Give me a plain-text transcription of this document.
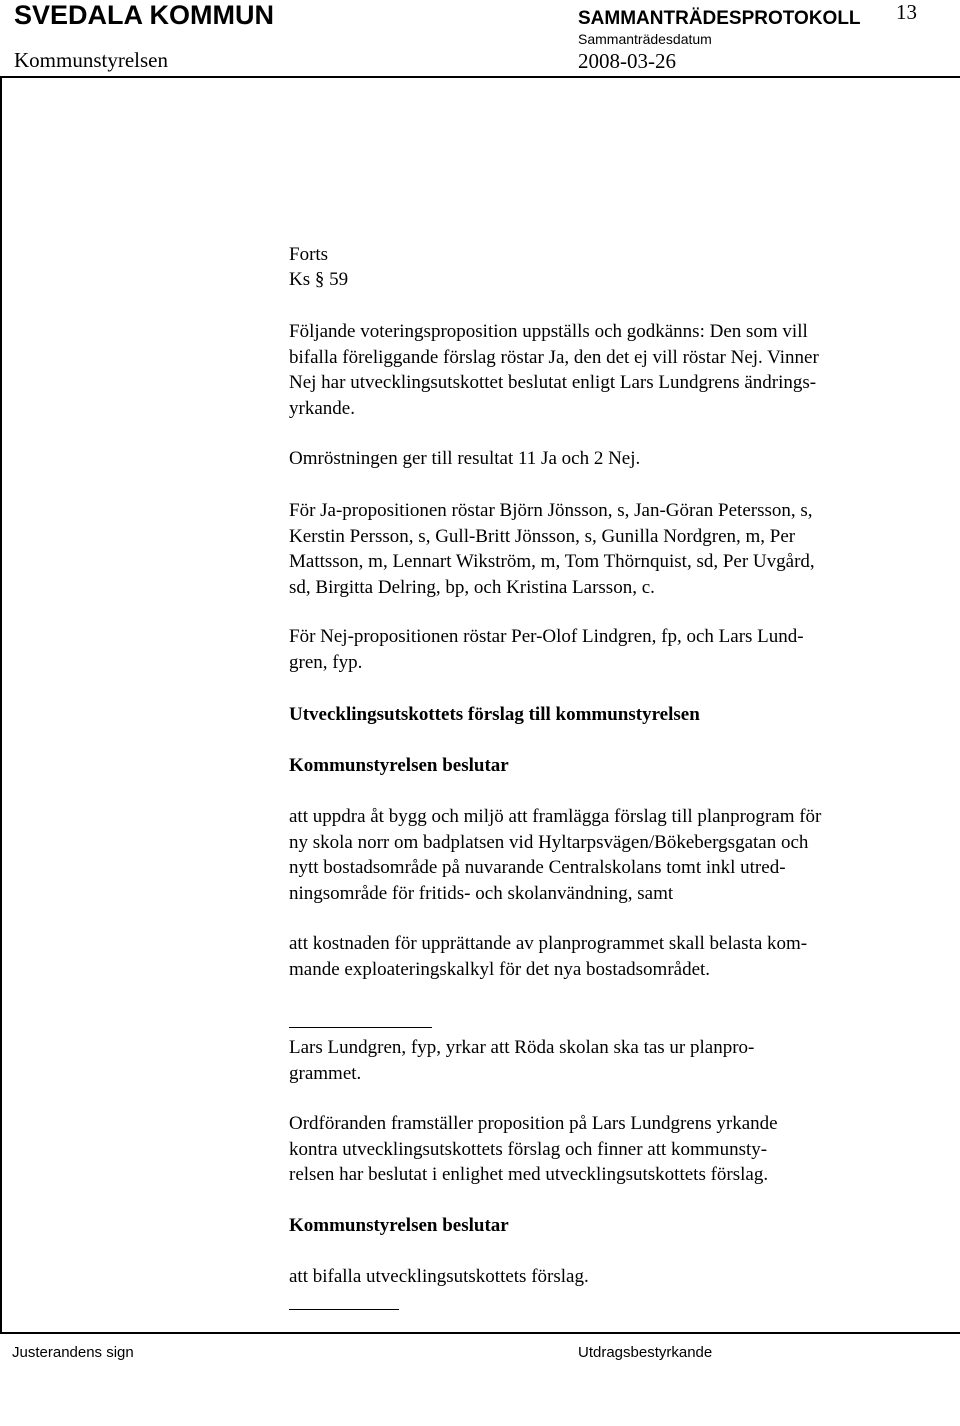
SVEDALA KOMMUN	SAMMANTRÄDESPROTOKOLL 13
Kommunstyrelsen
Sammanträdesdatum
2008-03-26
Forts
Ks § 59
Följande voteringsproposition uppställs och godkänns: Den som vill
bifalla föreliggande förslag röstar Ja, den det ej vill röstar Nej. Vinner
Nej har utvecklingsutskottet beslutat enligt Lars Lundgrens ändrings-
yrkande.
Omröstningen ger till resultat 11 Ja och 2 Nej.
För Ja-propositionen röstar Björn Jönsson, s, Jan-Göran Petersson, s,
Kerstin Persson, s, Gull-Britt Jönsson, s, Gunilla Nordgren, m, Per
Mattsson, m, Lennart Wikström, m, Tom Thörnquist, sd, Per Uvgård,
sd, Birgitta Delring, bp, och Kristina Larsson, c.
För Nej-propositionen röstar Per-Olof Lindgren, fp, och Lars Lund-
gren, fyp.
Utvecklingsutskottets förslag till kommunstyrelsen
Kommunstyrelsen beslutar
att uppdra åt bygg och miljö att framlägga förslag till planprogram för
ny skola norr om badplatsen vid Hyltarpsvägen/Bökebergsgatan och
nytt bostadsområde på nuvarande Centralskolans tomt inkl utred-
ningsområde för fritids- och skolanvändning, samt
att kostnaden för upprättande av planprogrammet skall belasta kom-
mande exploateringskalkyl för det nya bostadsområdet.
Lars Lundgren, fyp, yrkar att Röda skolan ska tas ur planpro-
grammet.
Ordföranden framställer proposition på Lars Lundgrens yrkande
kontra utvecklingsutskottets förslag och finner att kommunsty-
relsen har beslutat i enlighet med utvecklingsutskottets förslag.
Kommunstyrelsen beslutar
att bifalla utvecklingsutskottets förslag.
Justerandens sign	Utdragsbestyrkande
